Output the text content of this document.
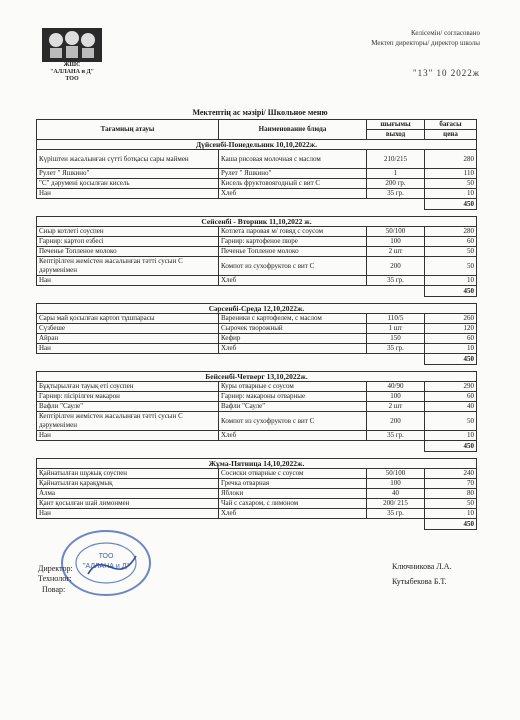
ЖШС
"АЛЛАНА и Д"
ТОО
Келісемін/ согласовано
Мектеп директоры/ директор школы
"13" 10 2022ж
Мектептің ас мәзірі/ Школьное меню
Тағамның атауы	Наименование блюда	шығымы	бағасы
		выход	цена
Дүйсенбі-Понедельник 10,10,2022ж.			
Күріштен жасалынған сүтті ботқасы сары маймен	Каша рисовая молочная с маслом	210/215	280
Рулет " Яшкино"	Рулет " Яшкино"	1	110
"С" дәрумені қосылған кисель	Кисель фруктовоягодный с вит С	200 гр.	50
Нан	Хлеб	35 гр.	10
			450

Сейсенбі - Вторник 11,10,2022 ж.			
Сиыр котлеті соуспен	Котлета паровая м/ говяд с соусом	50/100	280
Гарнир: картоп езбесі	Гарнир: картофеное пюре	100	60
Печенье Топленое молоко	Печенье Топленое молоко	2 шт	50
Кептірілген жемістен жасалынған тәтті сусын С дәруменімен	Компот из сухофруктов с вит С	200	50
Нан	Хлеб	35 гр.	10
			450

Сәрсенбі-Среда 12,10,2022ж.			
Сары май қосылған картоп тұшпарасы	Вареники с картофелем, с маслом	110/5	260
Сүзбеше	Сырочек творожный	1 шт	120
Айран	Кефир	150	60
Нан	Хлеб	35 гр.	10
			450

Бейсенбі-Четверг 13,10,2022ж.			
Бұқтырылған тауық еті соуспен	Куры отварные с соусом	40/90	290
Гарнир: пісірілген макарон	Гарнир: макароны отварные	100	60
Вафли "Сауле"	Вафли "Сауле"	2 шт	40
Кептірілген жемістен жасалынған тәтті сусын С дәруменімен	Компот из сухофруктов с вит С	200	50
Нан	Хлеб	35 гр.	10
			450

Жұма-Пятница 14,10,2022ж.			
Қайнатылған шұжық соуспен	Сосиски отварные с соусом	50/100	240
Қайнатылған қарақұмық	Гречка отварная	100	70
Алма	Яблоки	40	80
Қант қосылған шай лимонмен	Чай с сахаром, с лимоном	200/ 215	50
Нан	Хлеб	35 гр.	10
			450
ТОО
"АЛЛАНА и Д"
Директор:
Технолог:
Повар:
Ключникова Л.А.
Кутыбекова Б.Т.
